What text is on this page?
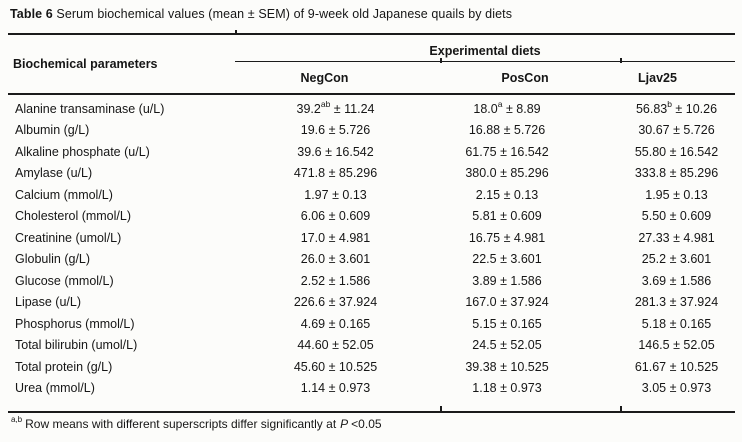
Table 6 Serum biochemical values (mean ± SEM) of 9-week old Japanese quails by diets
Biochemical parameters
Experimental diets
NegCon	PosCon	Ljav25
Alanine transaminase (u/L)	39.2$^{ab}$ ± 11.24	18.0$^a$ ± 8.89	56.83$^b$ ± 10.26
Albumin (g/L)	19.6 ± 5.726	16.88 ± 5.726	30.67 ± 5.726
Alkaline phosphate (u/L)	39.6 ± 16.542	61.75 ± 16.542	55.80 ± 16.542
Amylase (u/L)	471.8 ± 85.296	380.0 ± 85.296	333.8 ± 85.296
Calcium (mmol/L)	1.97 ± 0.13	2.15 ± 0.13	1.95 ± 0.13
Cholesterol (mmol/L)	6.06 ± 0.609	5.81 ± 0.609	5.50 ± 0.609
Creatinine (umol/L)	17.0 ± 4.981	16.75 ± 4.981	27.33 ± 4.981
Globulin (g/L)	26.0 ± 3.601	22.5 ± 3.601	25.2 ± 3.601
Glucose (mmol/L)	2.52 ± 1.586	3.89 ± 1.586	3.69 ± 1.586
Lipase (u/L)	226.6 ± 37.924	167.0 ± 37.924	281.3 ± 37.924
Phosphorus (mmol/L)	4.69 ± 0.165	5.15 ± 0.165	5.18 ± 0.165
Total bilirubin (umol/L)	44.60 ± 52.05	24.5 ± 52.05	146.5 ± 52.05
Total protein (g/L)	45.60 ± 10.525	39.38 ± 10.525	61.67 ± 10.525
Urea (mmol/L)	1.14 ± 0.973	1.18 ± 0.973	3.05 ± 0.973
$^{a,b}$ Row means with different superscripts differ significantly at P <0.05
